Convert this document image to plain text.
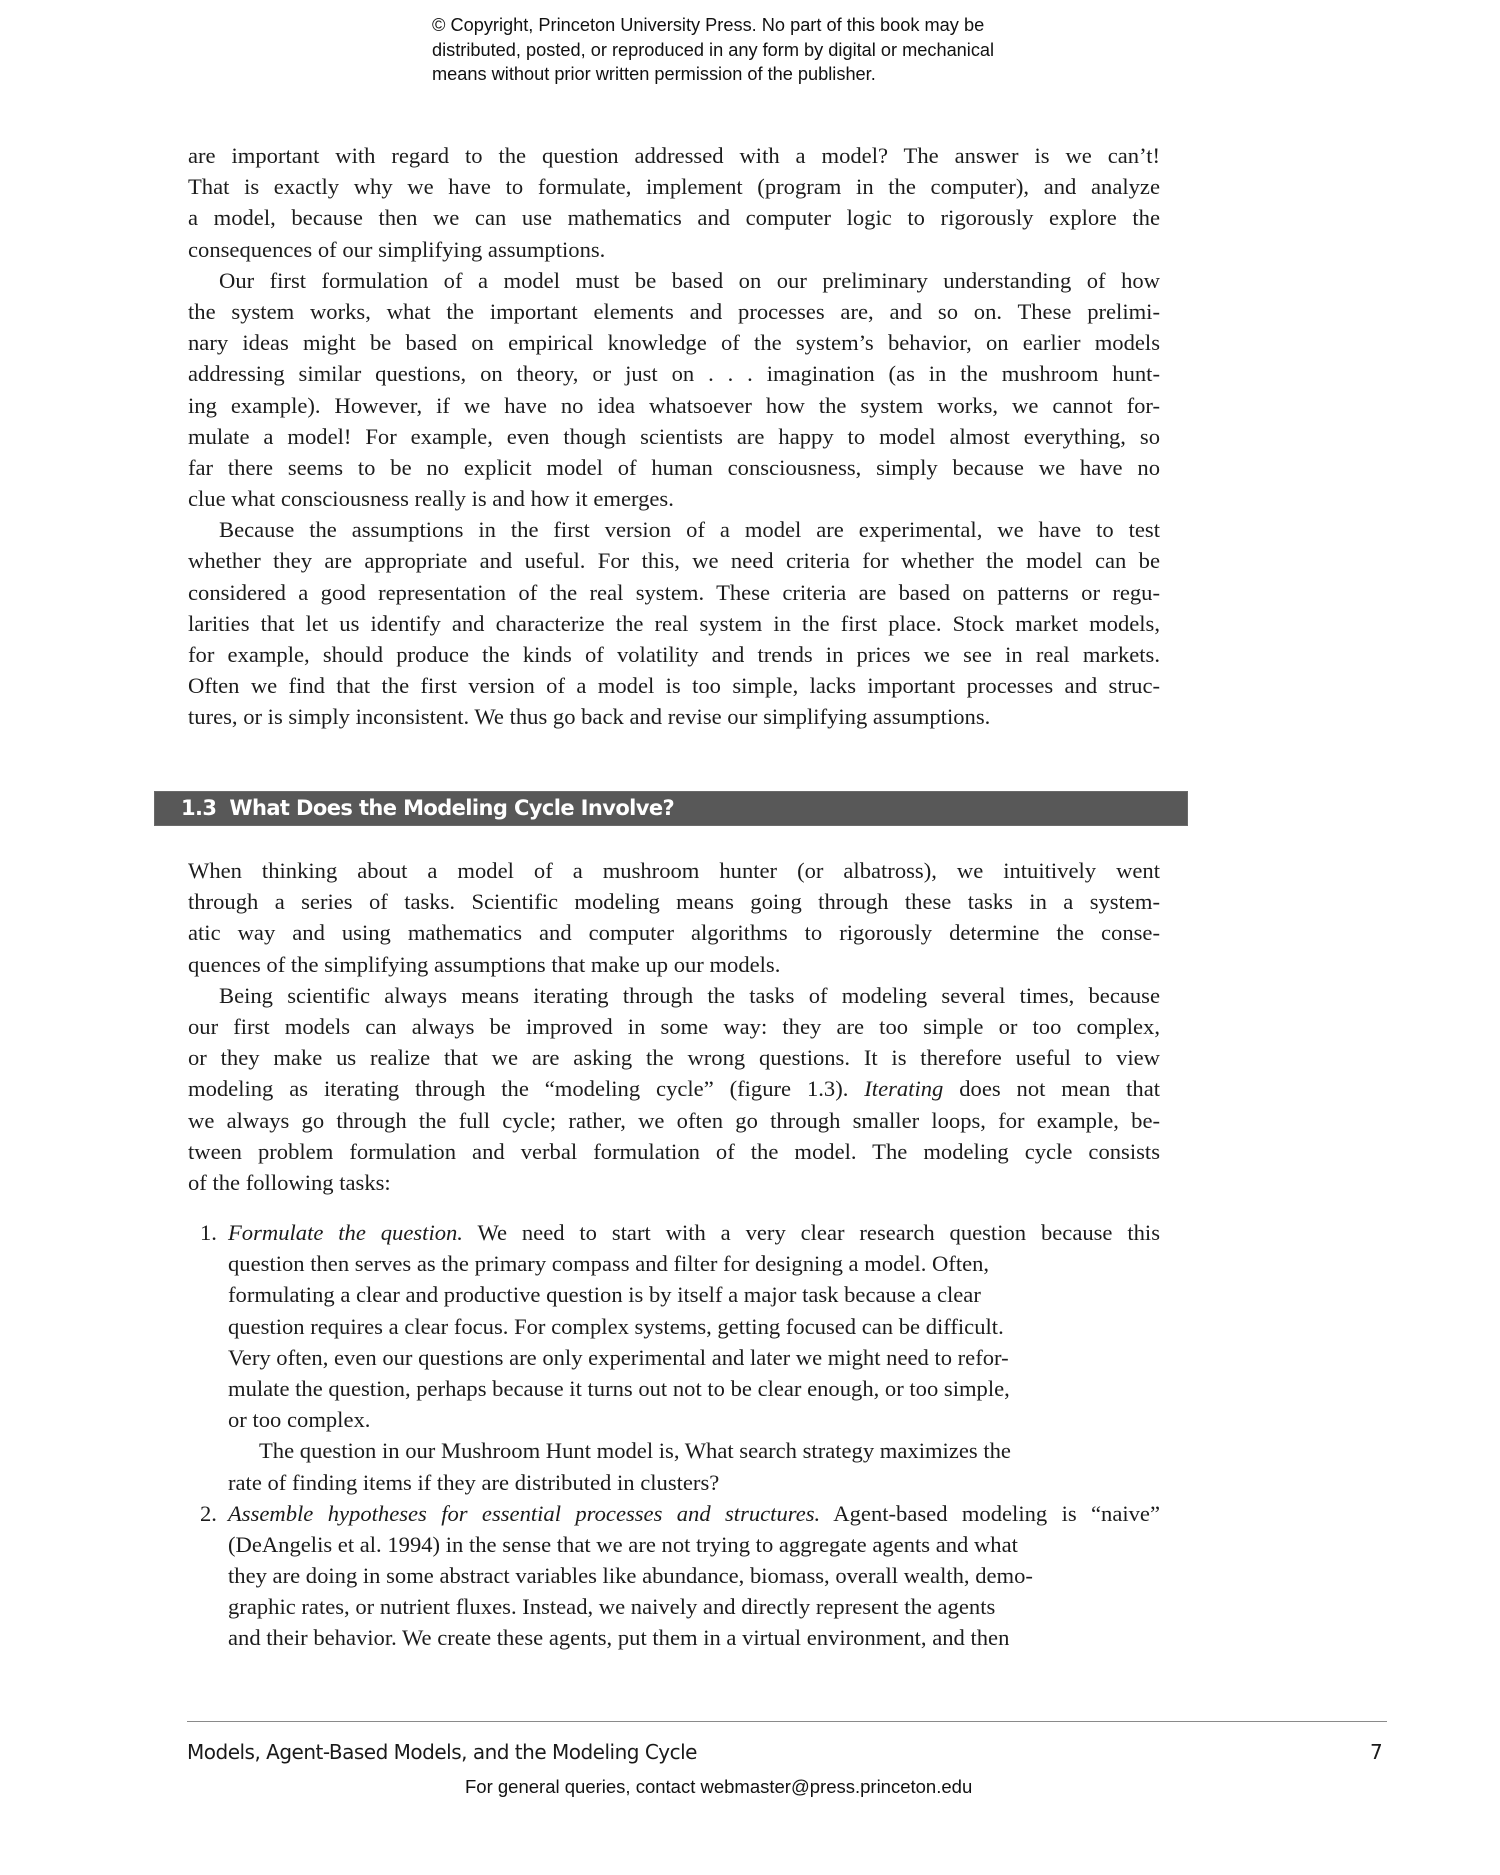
© Copyright, Princeton University Press. No part of this book may be
distributed, posted, or reproduced in any form by digital or mechanical
means without prior written permission of the publisher.
are important with regard to the question addressed with a model? The answer is we can’t!
That is exactly why we have to formulate, implement (program in the computer), and analyze
a model, because then we can use mathematics and computer logic to rigorously explore the
consequences of our simplifying assumptions.
Our first formulation of a model must be based on our preliminary understanding of how
the system works, what the important elements and processes are, and so on. These prelimi-
nary ideas might be based on empirical knowledge of the system’s behavior, on earlier models
addressing similar questions, on theory, or just on . . . imagination (as in the mushroom hunt-
ing example). However, if we have no idea whatsoever how the system works, we cannot for-
mulate a model! For example, even though scientists are happy to model almost everything, so
far there seems to be no explicit model of human consciousness, simply because we have no
clue what consciousness really is and how it emerges.
Because the assumptions in the first version of a model are experimental, we have to test
whether they are appropriate and useful. For this, we need criteria for whether the model can be
considered a good representation of the real system. These criteria are based on patterns or regu-
larities that let us identify and characterize the real system in the first place. Stock market models,
for example, should produce the kinds of volatility and trends in prices we see in real markets.
Often we find that the first version of a model is too simple, lacks important processes and struc-
tures, or is simply inconsistent. We thus go back and revise our simplifying assumptions.
1.3 What Does the Modeling Cycle Involve?
When thinking about a model of a mushroom hunter (or albatross), we intuitively went
through a series of tasks. Scientific modeling means going through these tasks in a system-
atic way and using mathematics and computer algorithms to rigorously determine the conse-
quences of the simplifying assumptions that make up our models.
Being scientific always means iterating through the tasks of modeling several times, because
our first models can always be improved in some way: they are too simple or too complex,
or they make us realize that we are asking the wrong questions. It is therefore useful to view
modeling as iterating through the “modeling cycle” (figure 1.3). Iterating does not mean that
we always go through the full cycle; rather, we often go through smaller loops, for example, be-
tween problem formulation and verbal formulation of the model. The modeling cycle consists
of the following tasks:
1. Formulate the question. We need to start with a very clear research question because this
question then serves as the primary compass and filter for designing a model. Often,
formulating a clear and productive question is by itself a major task because a clear
question requires a clear focus. For complex systems, getting focused can be difficult.
Very often, even our questions are only experimental and later we might need to refor-
mulate the question, perhaps because it turns out not to be clear enough, or too simple,
or too complex.
The question in our Mushroom Hunt model is, What search strategy maximizes the
rate of finding items if they are distributed in clusters?
2. Assemble hypotheses for essential processes and structures. Agent-based modeling is “naive”
(DeAngelis et al. 1994) in the sense that we are not trying to aggregate agents and what
they are doing in some abstract variables like abundance, biomass, overall wealth, demo-
graphic rates, or nutrient fluxes. Instead, we naively and directly represent the agents
and their behavior. We create these agents, put them in a virtual environment, and then
Models, Agent-Based Models, and the Modeling Cycle	7
For general queries, contact webmaster@press.princeton.edu
